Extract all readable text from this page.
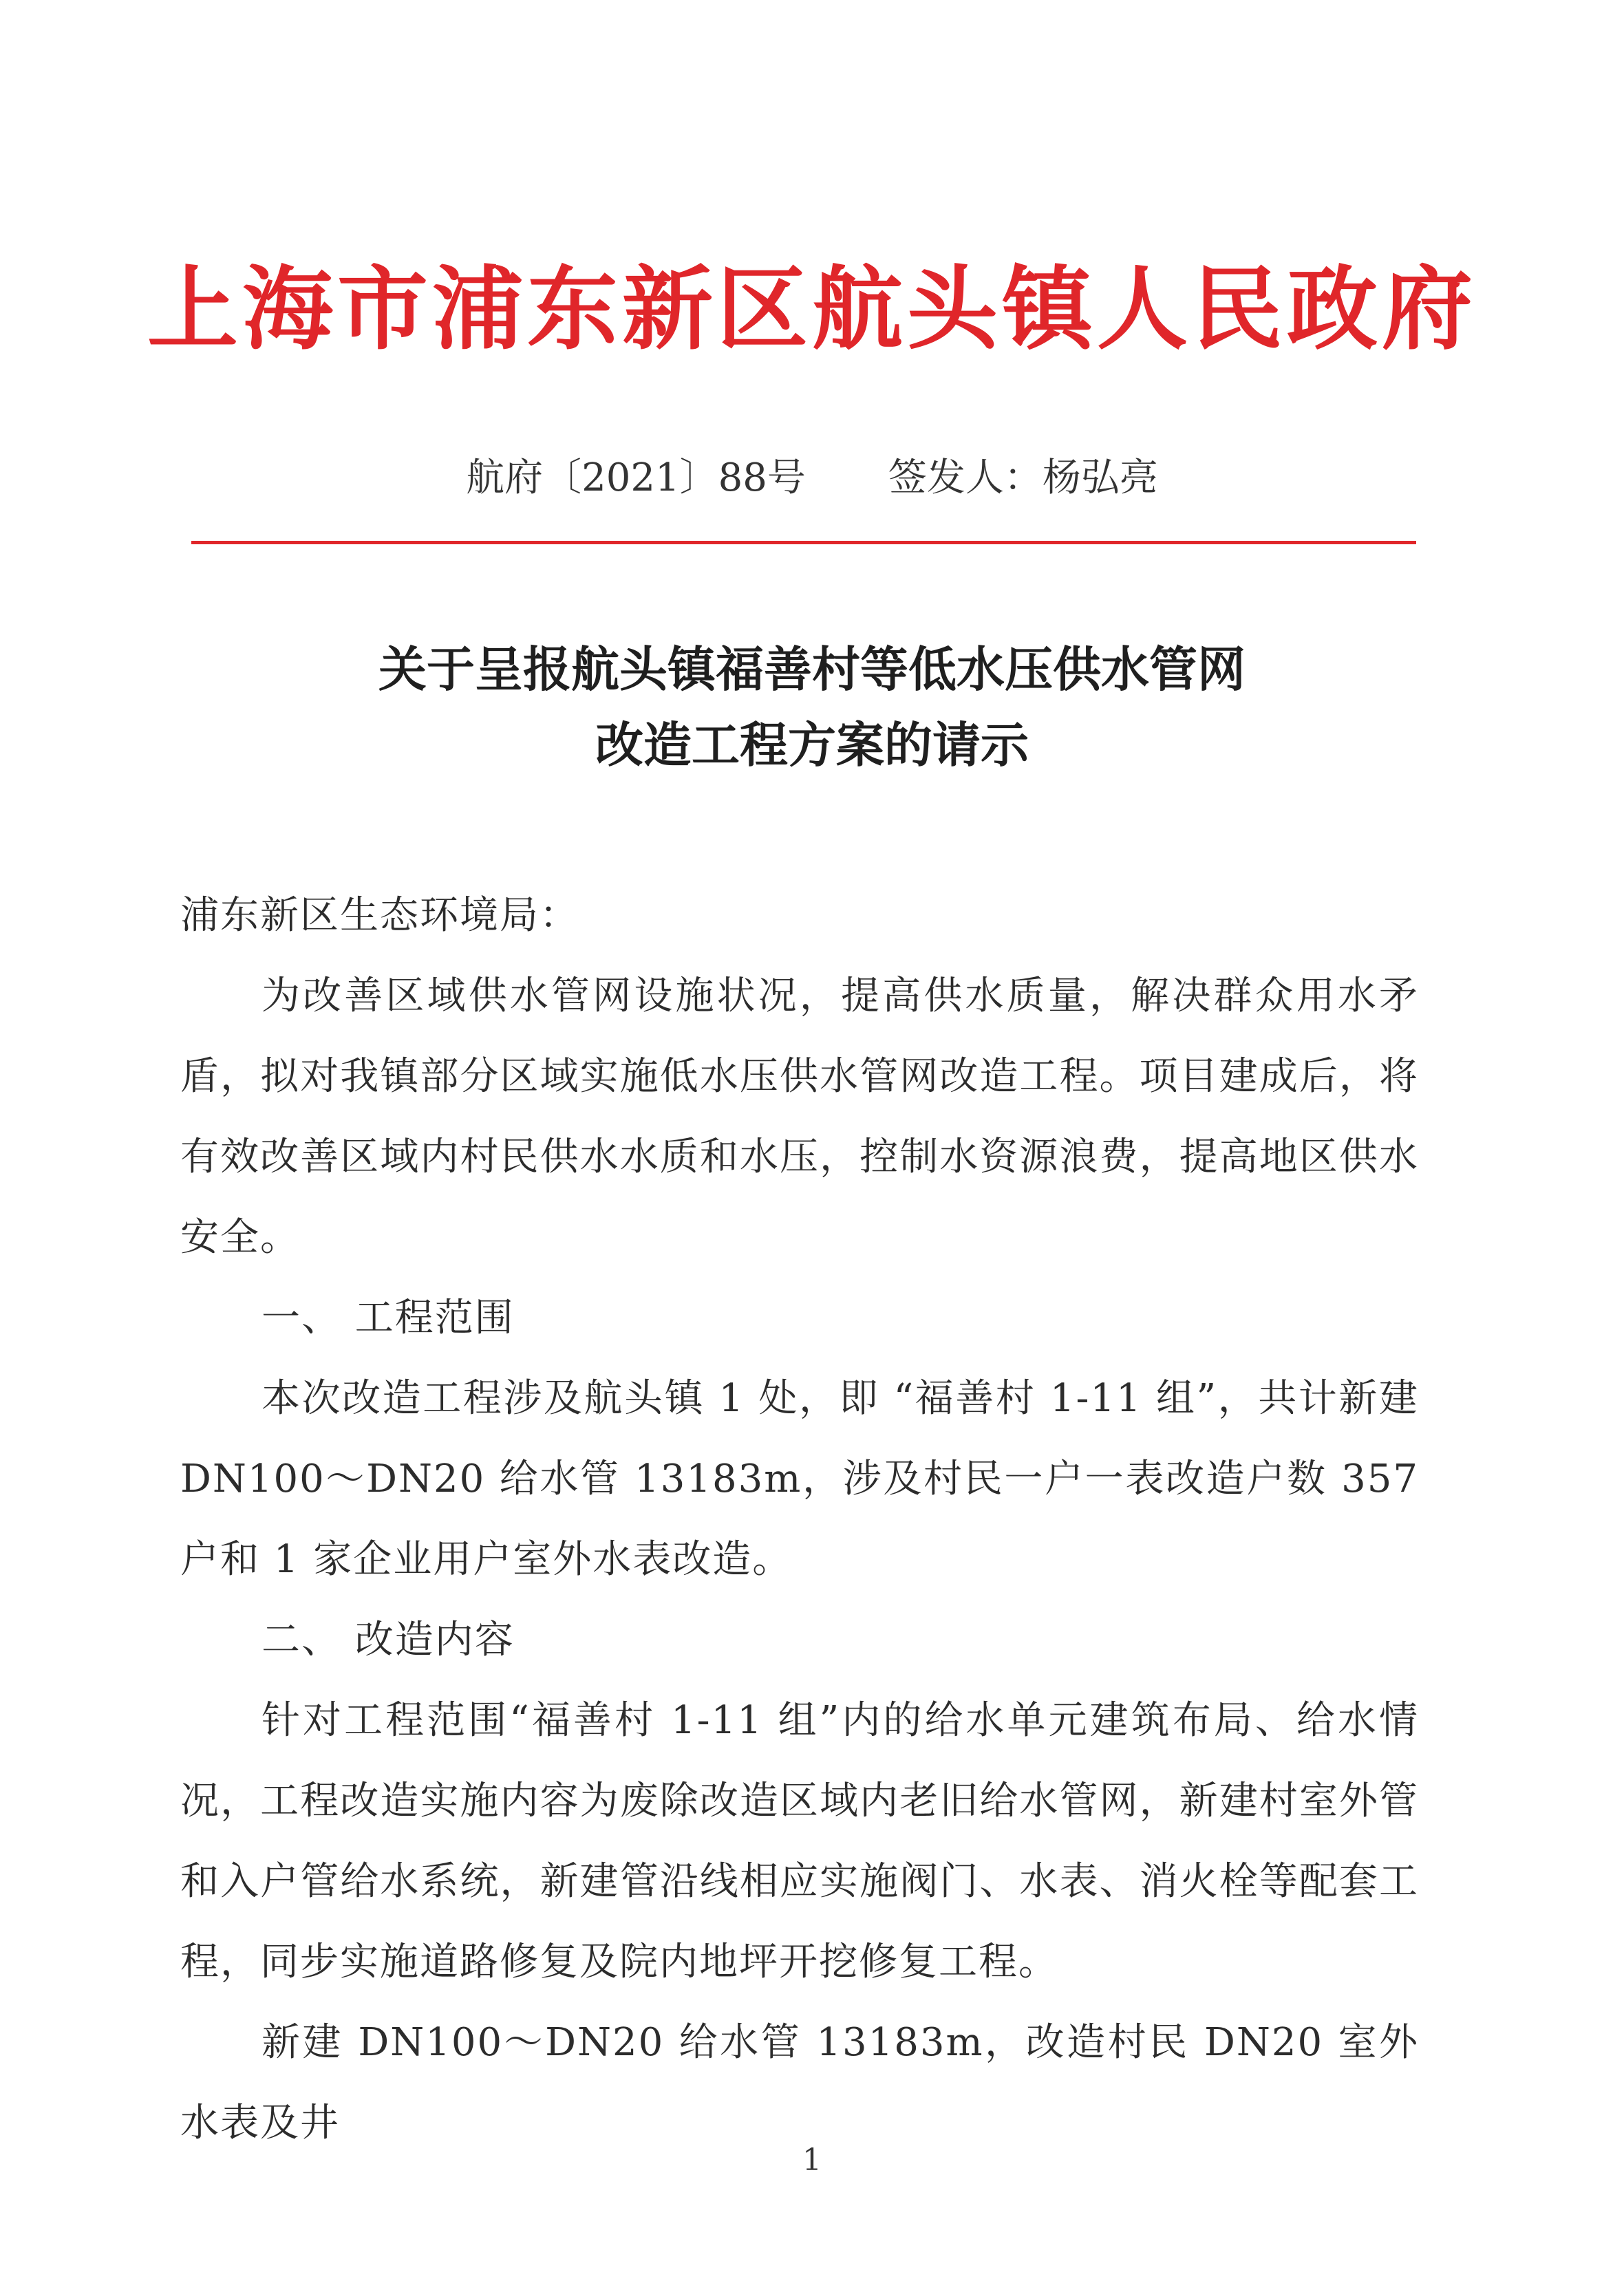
上海市浦东新区航头镇人民政府
航府〔2021〕88号 签发人：杨弘亮
关于呈报航头镇福善村等低水压供水管网
改造工程方案的请示

浦东新区生态环境局：

为改善区域供水管网设施状况，提高供水质量，解决群众用水矛盾，拟对我镇部分区域实施低水压供水管网改造工程。项目建成后，将有效改善区域内村民供水水质和水压，控制水资源浪费，提高地区供水安全。

一、 工程范围

本次改造工程涉及航头镇 1 处，即 “福善村 1-11 组”，共计新建 DN100～DN20 给水管 13183m，涉及村民一户一表改造户数 357 户和 1 家企业用户室外水表改造。

二、 改造内容

针对工程范围“福善村 1-11 组”内的给水单元建筑布局、给水情况，工程改造实施内容为废除改造区域内老旧给水管网，新建村室外管和入户管给水系统，新建管沿线相应实施阀门、水表、消火栓等配套工程，同步实施道路修复及院内地坪开挖修复工程。

新建 DN100～DN20 给水管 13183m，改造村民 DN20 室外水表及井

1
